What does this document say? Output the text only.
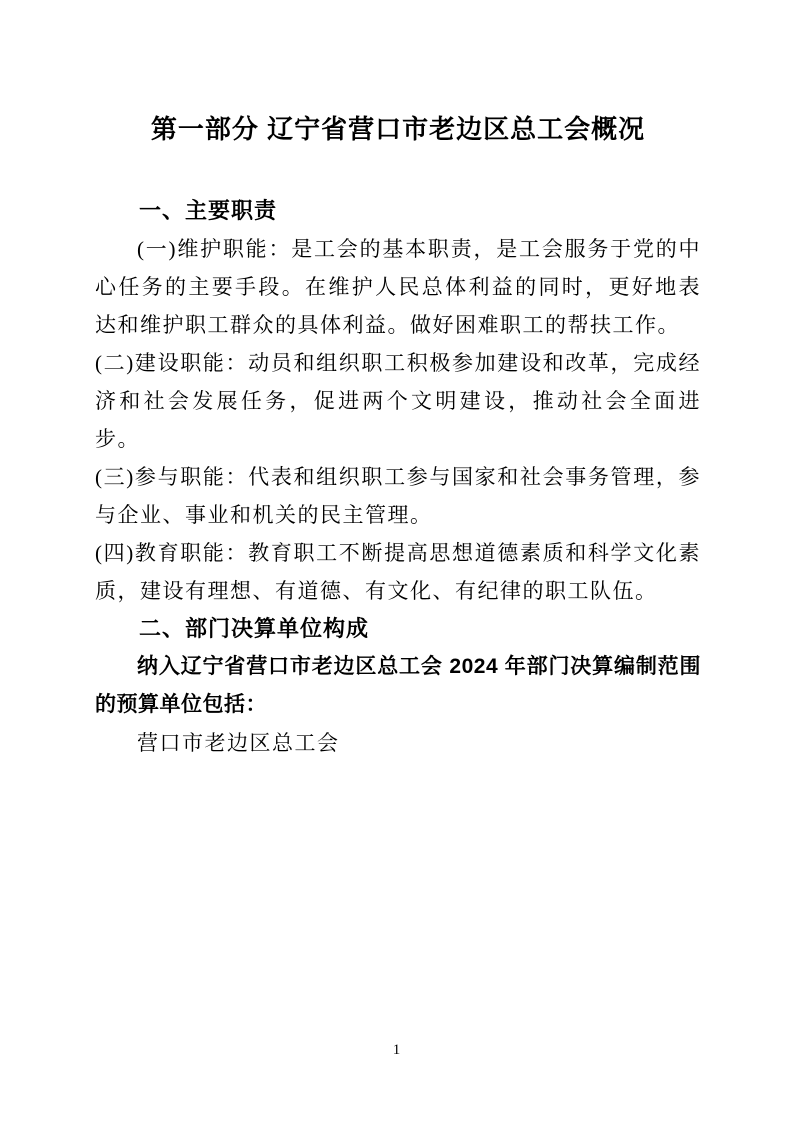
第一部分 辽宁省营口市老边区总工会概况
一、主要职责

(一)维护职能：是工会的基本职责，是工会服务于党的中心任务的主要手段。在维护人民总体利益的同时，更好地表达和维护职工群众的具体利益。做好困难职工的帮扶工作。

(二)建设职能：动员和组织职工积极参加建设和改革，完成经济和社会发展任务，促进两个文明建设，推动社会全面进步。

(三)参与职能：代表和组织职工参与国家和社会事务管理，参与企业、事业和机关的民主管理。

(四)教育职能：教育职工不断提高思想道德素质和科学文化素质，建设有理想、有道德、有文化、有纪律的职工队伍。

二、部门决算单位构成

纳入辽宁省营口市老边区总工会 2024 年部门决算编制范围的预算单位包括：

营口市老边区总工会

1
